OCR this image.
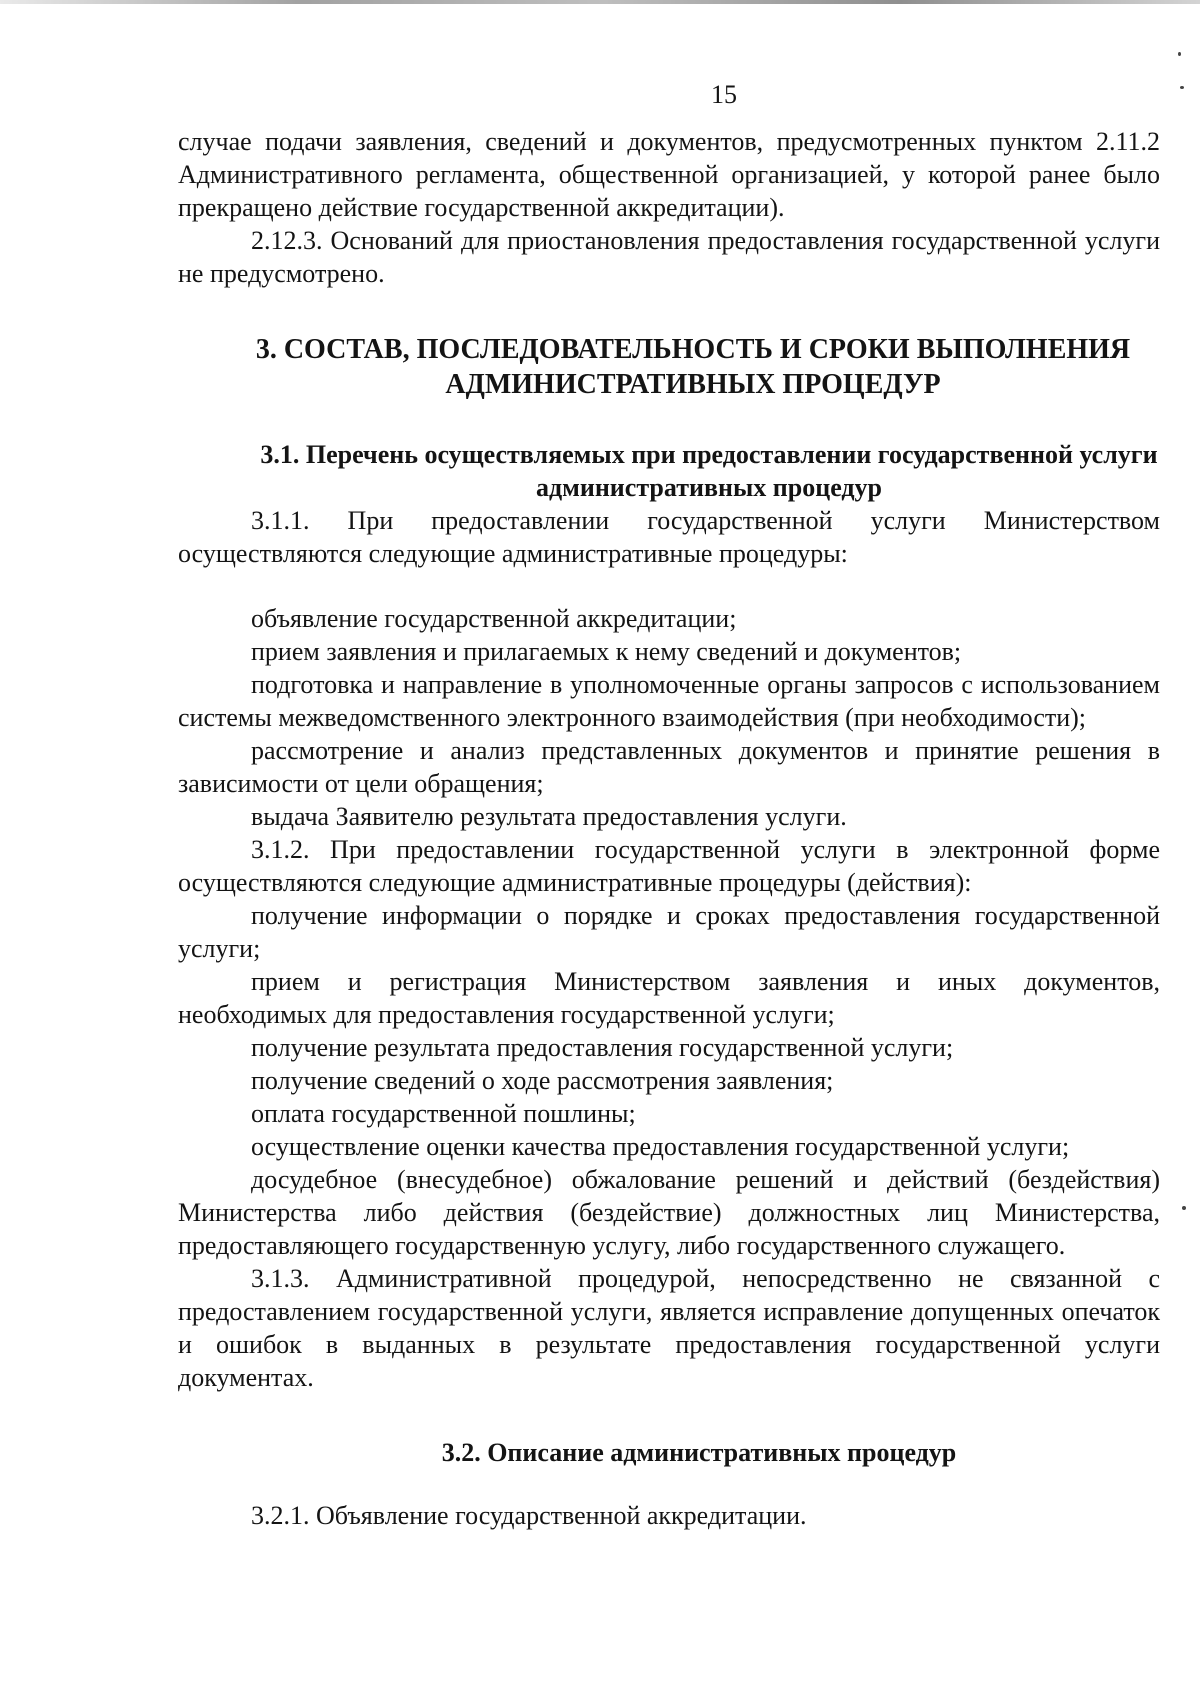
15

случае подачи заявления, сведений и документов, предусмотренных пунктом 2.11.2 Административного регламента, общественной организацией, у которой ранее было прекращено действие государственной аккредитации).

2.12.3. Оснований для приостановления предоставления государственной услуги не предусмотрено.

3. СОСТАВ, ПОСЛЕДОВАТЕЛЬНОСТЬ И СРОКИ ВЫПОЛНЕНИЯ АДМИНИСТРАТИВНЫХ ПРОЦЕДУР
3.1. Перечень осуществляемых при предоставлении государственной услуги административных процедур

3.1.1. При предоставлении государственной услуги Министерством осуществляются следующие административные процедуры:

объявление государственной аккредитации;

прием заявления и прилагаемых к нему сведений и документов;

подготовка и направление в уполномоченные органы запросов с использованием системы межведомственного электронного взаимодействия (при необходимости);

рассмотрение и анализ представленных документов и принятие решения в зависимости от цели обращения;

выдача Заявителю результата предоставления услуги.

3.1.2. При предоставлении государственной услуги в электронной форме осуществляются следующие административные процедуры (действия):

получение информации о порядке и сроках предоставления государственной услуги;

прием и регистрация Министерством заявления и иных документов, необходимых для предоставления государственной услуги;

получение результата предоставления государственной услуги;

получение сведений о ходе рассмотрения заявления;

оплата государственной пошлины;

осуществление оценки качества предоставления государственной услуги;

досудебное (внесудебное) обжалование решений и действий (бездействия) Министерства либо действия (бездействие) должностных лиц Министерства, предоставляющего государственную услугу, либо государственного служащего.

3.1.3. Административной процедурой, непосредственно не связанной с предоставлением государственной услуги, является исправление допущенных опечаток и ошибок в выданных в результате предоставления государственной услуги документах.

3.2. Описание административных процедур

3.2.1. Объявление государственной аккредитации.
